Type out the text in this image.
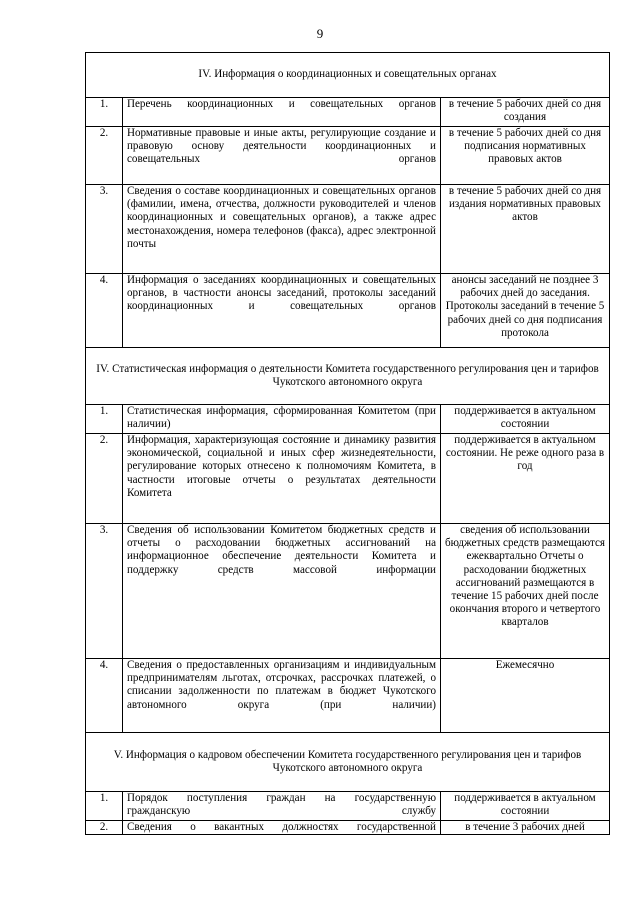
9
IV. Информация о координационных и совещательных органах		
1.	Перечень координационных и совещательных органов	в течение 5 рабочих дней со дня создания
2.	Нормативные правовые и иные акты, регулирующие создание и правовую основу деятельности координационных и совещательных органов	в течение 5 рабочих дней со дня подписания нормативных правовых актов
3.	Сведения о составе координационных и совещательных органов (фамилии, имена, отчества, должности руководителей и членов координационных и совещательных органов), а также адрес местонахождения, номера телефонов (факса), адрес электронной почты	в течение 5 рабочих дней со дня издания нормативных правовых актов
4.	Информация о заседаниях координационных и совещательных органов, в частности анонсы заседаний, протоколы заседаний координационных и совещательных органов	анонсы заседаний не позднее 3 рабочих дней до заседания. Протоколы заседаний в течение 5 рабочих дней со дня подписания протокола
IV. Статистическая информация о деятельности Комитета государственного регулирования цен и тарифов Чукотского автономного округа		
1.	Статистическая информация, сформированная Комитетом (при наличии)	поддерживается в актуальном состоянии
2.	Информация, характеризующая состояние и динамику развития экономической, социальной и иных сфер жизнедеятельности, регулирование которых отнесено к полномочиям Комитета, в частности итоговые отчеты о результатах деятельности Комитета	поддерживается в актуальном состоянии. Не реже одного раза в год
3.	Сведения об использовании Комитетом бюджетных средств и отчеты о расходовании бюджетных ассигнований на информационное обеспечение деятельности Комитета и поддержку средств массовой информации	сведения об использовании бюджетных средств размещаются ежеквартально Отчеты о расходовании бюджетных ассигнований размещаются в течение 15 рабочих дней после окончания второго и четвертого кварталов
4.	Сведения о предоставленных организациям и индивидуальным предпринимателям льготах, отсрочках, рассрочках платежей, о списании задолженности по платежам в бюджет Чукотского автономного округа (при наличии)	Ежемесячно
V. Информация о кадровом обеспечении Комитета государственного регулирования цен и тарифов Чукотского автономного округа		
1.	Порядок поступления граждан на государственную гражданскую службу	поддерживается в актуальном состоянии
2.	Сведения о вакантных должностях государственной	в течение 3 рабочих дней
